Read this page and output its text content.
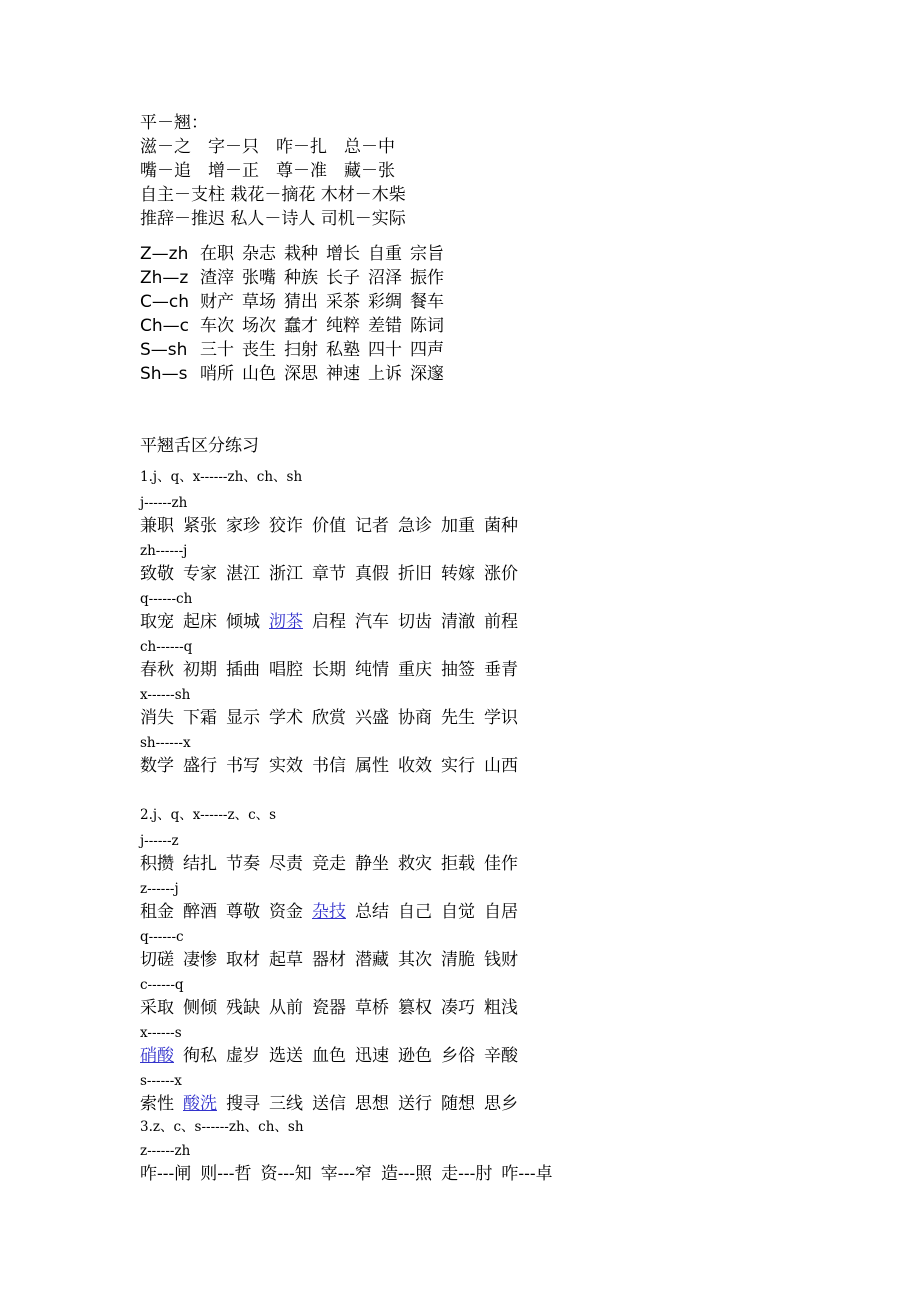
平－翘：
滋－之　字－只　咋－扎　总－中
嘴－追　增－正　尊－准　藏－张
自主－支柱 栽花－摘花 木材－木柴
推辞－推迟 私人－诗人 司机－实际
Z—zh 在职 杂志 栽种 增长 自重 宗旨
Zh—z 渣滓 张嘴 种族 长子 沼泽 振作
C—ch 财产 草场 猜出 采茶 彩绸 餐车
Ch—c 车次 场次 蠢才 纯粹 差错 陈词
S—sh 三十 丧生 扫射 私塾 四十 四声
Sh—s 哨所 山色 深思 神速 上诉 深邃
平翘舌区分练习
1.j、q、x------zh、ch、sh
j------zh
兼职 紧张 家珍 狡诈 价值 记者 急诊 加重 菌种
zh------j
致敬 专家 湛江 浙江 章节 真假 折旧 转嫁 涨价
q------ch
取宠 起床 倾城 沏茶 启程 汽车 切齿 清澈 前程
ch------q
春秋 初期 插曲 唱腔 长期 纯情 重庆 抽签 垂青
x------sh
消失 下霜 显示 学术 欣赏 兴盛 协商 先生 学识
sh------x
数学 盛行 书写 实效 书信 属性 收效 实行 山西
2.j、q、x------z、c、s
j------z
积攒 结扎 节奏 尽责 竞走 静坐 救灾 拒载 佳作
z------j
租金 醉酒 尊敬 资金 杂技 总结 自己 自觉 自居
q------c
切磋 凄惨 取材 起草 器材 潜藏 其次 清脆 钱财
c------q
采取 侧倾 残缺 从前 瓷器 草桥 篡权 凑巧 粗浅
x------s
硝酸 徇私 虚岁 选送 血色 迅速 逊色 乡俗 辛酸
s------x
索性 酸洗 搜寻 三线 送信 思想 送行 随想 思乡
3.z、c、s------zh、ch、sh
z------zh
咋---闸 则---哲 资---知 宰---窄 造---照 走---肘 咋---卓
